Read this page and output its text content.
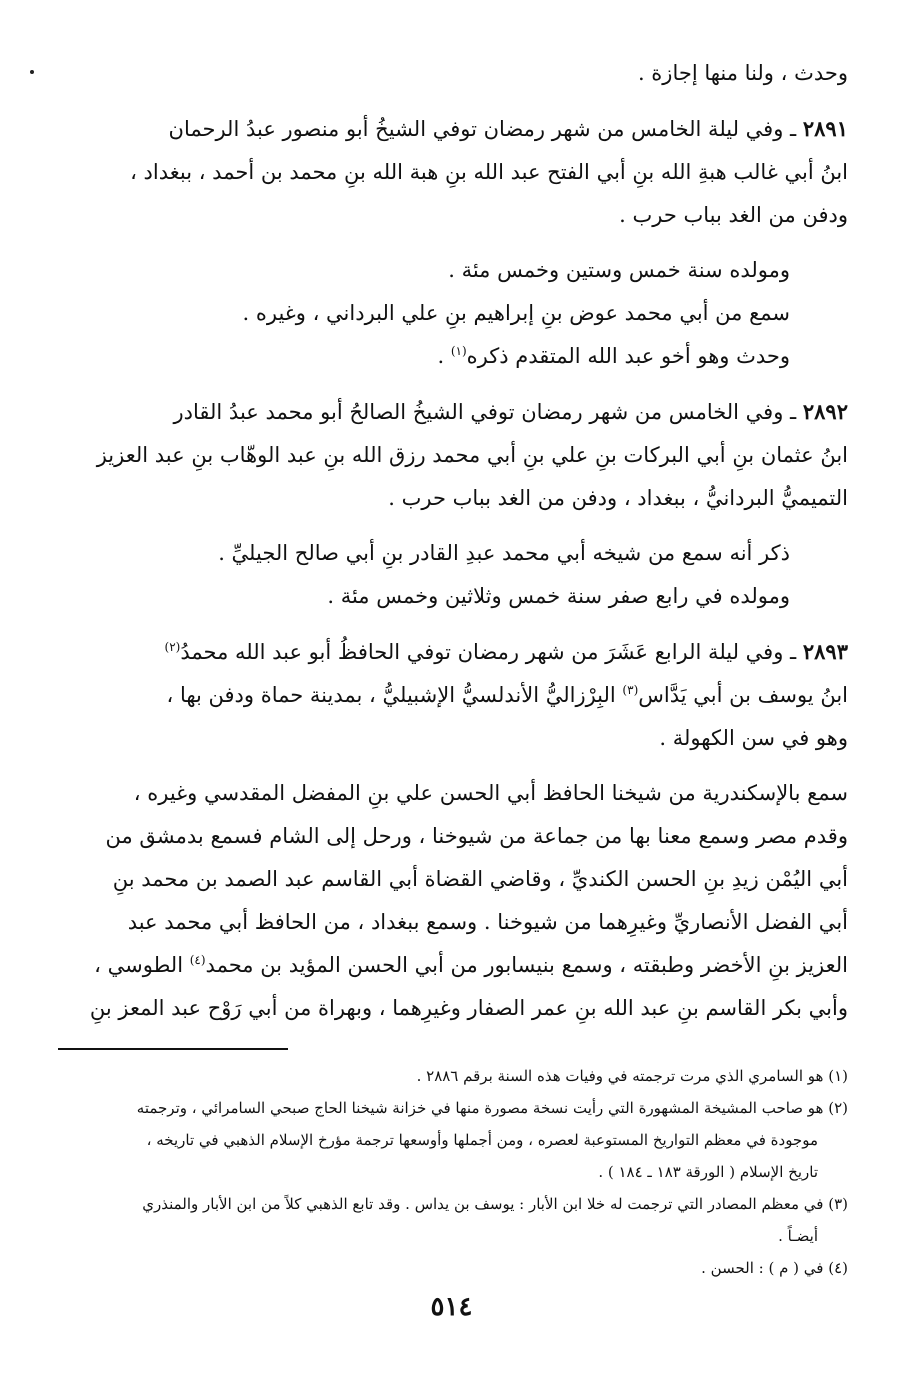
وحدث ، ولنا منها إجازة .
٢٨٩١ ـ وفي ليلة الخامس من شهر رمضان توفي الشيخُ أبو منصور عبدُ الرحمان
ابنُ أبي غالب هبةِ الله بنِ أبي الفتح عبد الله بنِ هبة الله بنِ محمد بن أحمد ، ببغداد ،
ودفن من الغد بباب حرب .
ومولده سنة خمس وستين وخمس مئة .
سمع من أبي محمد عوض بنِ إبراهيم بنِ علي البرداني ، وغيره .
وحدث وهو أخو عبد الله المتقدم ذكره$^{(١)}$ .
٢٨٩٢ ـ وفي الخامس من شهر رمضان توفي الشيخُ الصالحُ أبو محمد عبدُ القادر
ابنُ عثمان بنِ أبي البركات بنِ علي بنِ أبي محمد رزق الله بنِ عبد الوهّاب بنِ عبد العزيز
التميميُّ البردانيُّ ، ببغداد ، ودفن من الغد بباب حرب .
ذكر أنه سمع من شيخه أبي محمد عبدِ القادر بنِ أبي صالح الجيليِّ .
ومولده في رابع صفر سنة خمس وثلاثين وخمس مئة .
٢٨٩٣ ـ وفي ليلة الرابع عَشَرَ من شهر رمضان توفي الحافظُ أبو عبد الله محمدُ$^{(٢)}$
ابنُ يوسف بن أبي يَدَّاس$^{(٣)}$ البِرْزاليُّ الأندلسيُّ الإشبيليُّ ، بمدينة حماة ودفن بها ،
وهو في سن الكهولة .
سمع بالإسكندرية من شيخنا الحافظ أبي الحسن علي بنِ المفضل المقدسي وغيره ،
وقدم مصر وسمع معنا بها من جماعة من شيوخنا ، ورحل إلى الشام فسمع بدمشق من
أبي اليُمْن زيدِ بنِ الحسن الكنديِّ ، وقاضي القضاة أبي القاسم عبد الصمد بن محمد بنِ
أبي الفضل الأنصاريِّ وغيرِهما من شيوخنا . وسمع ببغداد ، من الحافظ أبي محمد عبد
العزيز بنِ الأخضر وطبقته ، وسمع بنيسابور من أبي الحسن المؤيد بن محمد$^{(٤)}$ الطوسي ،
وأبي بكر القاسم بنِ عبد الله بنِ عمر الصفار وغيرِهما ، وبهراة من أبي رَوْح عبد المعز بنِ
(١) هو السامري الذي مرت ترجمته في وفيات هذه السنة برقم ٢٨٨٦ .
(٢) هو صاحب المشيخة المشهورة التي رأيت نسخة مصورة منها في خزانة شيخنا الحاج صبحي السامرائي ، وترجمته
موجودة في معظم التواريخ المستوعبة لعصره ، ومن أجملها وأوسعها ترجمة مؤرخ الإسلام الذهبي في تاريخه ،
تاريخ الإسلام ( الورقة ١٨٣ ـ ١٨٤ ) .
(٣) في معظم المصادر التي ترجمت له خلا ابن الأبار : يوسف بن يداس . وقد تابع الذهبي كلاً من ابن الأبار والمنذري
أيضـاً .
(٤) في ( م ) : الحسن .
٥١٤
